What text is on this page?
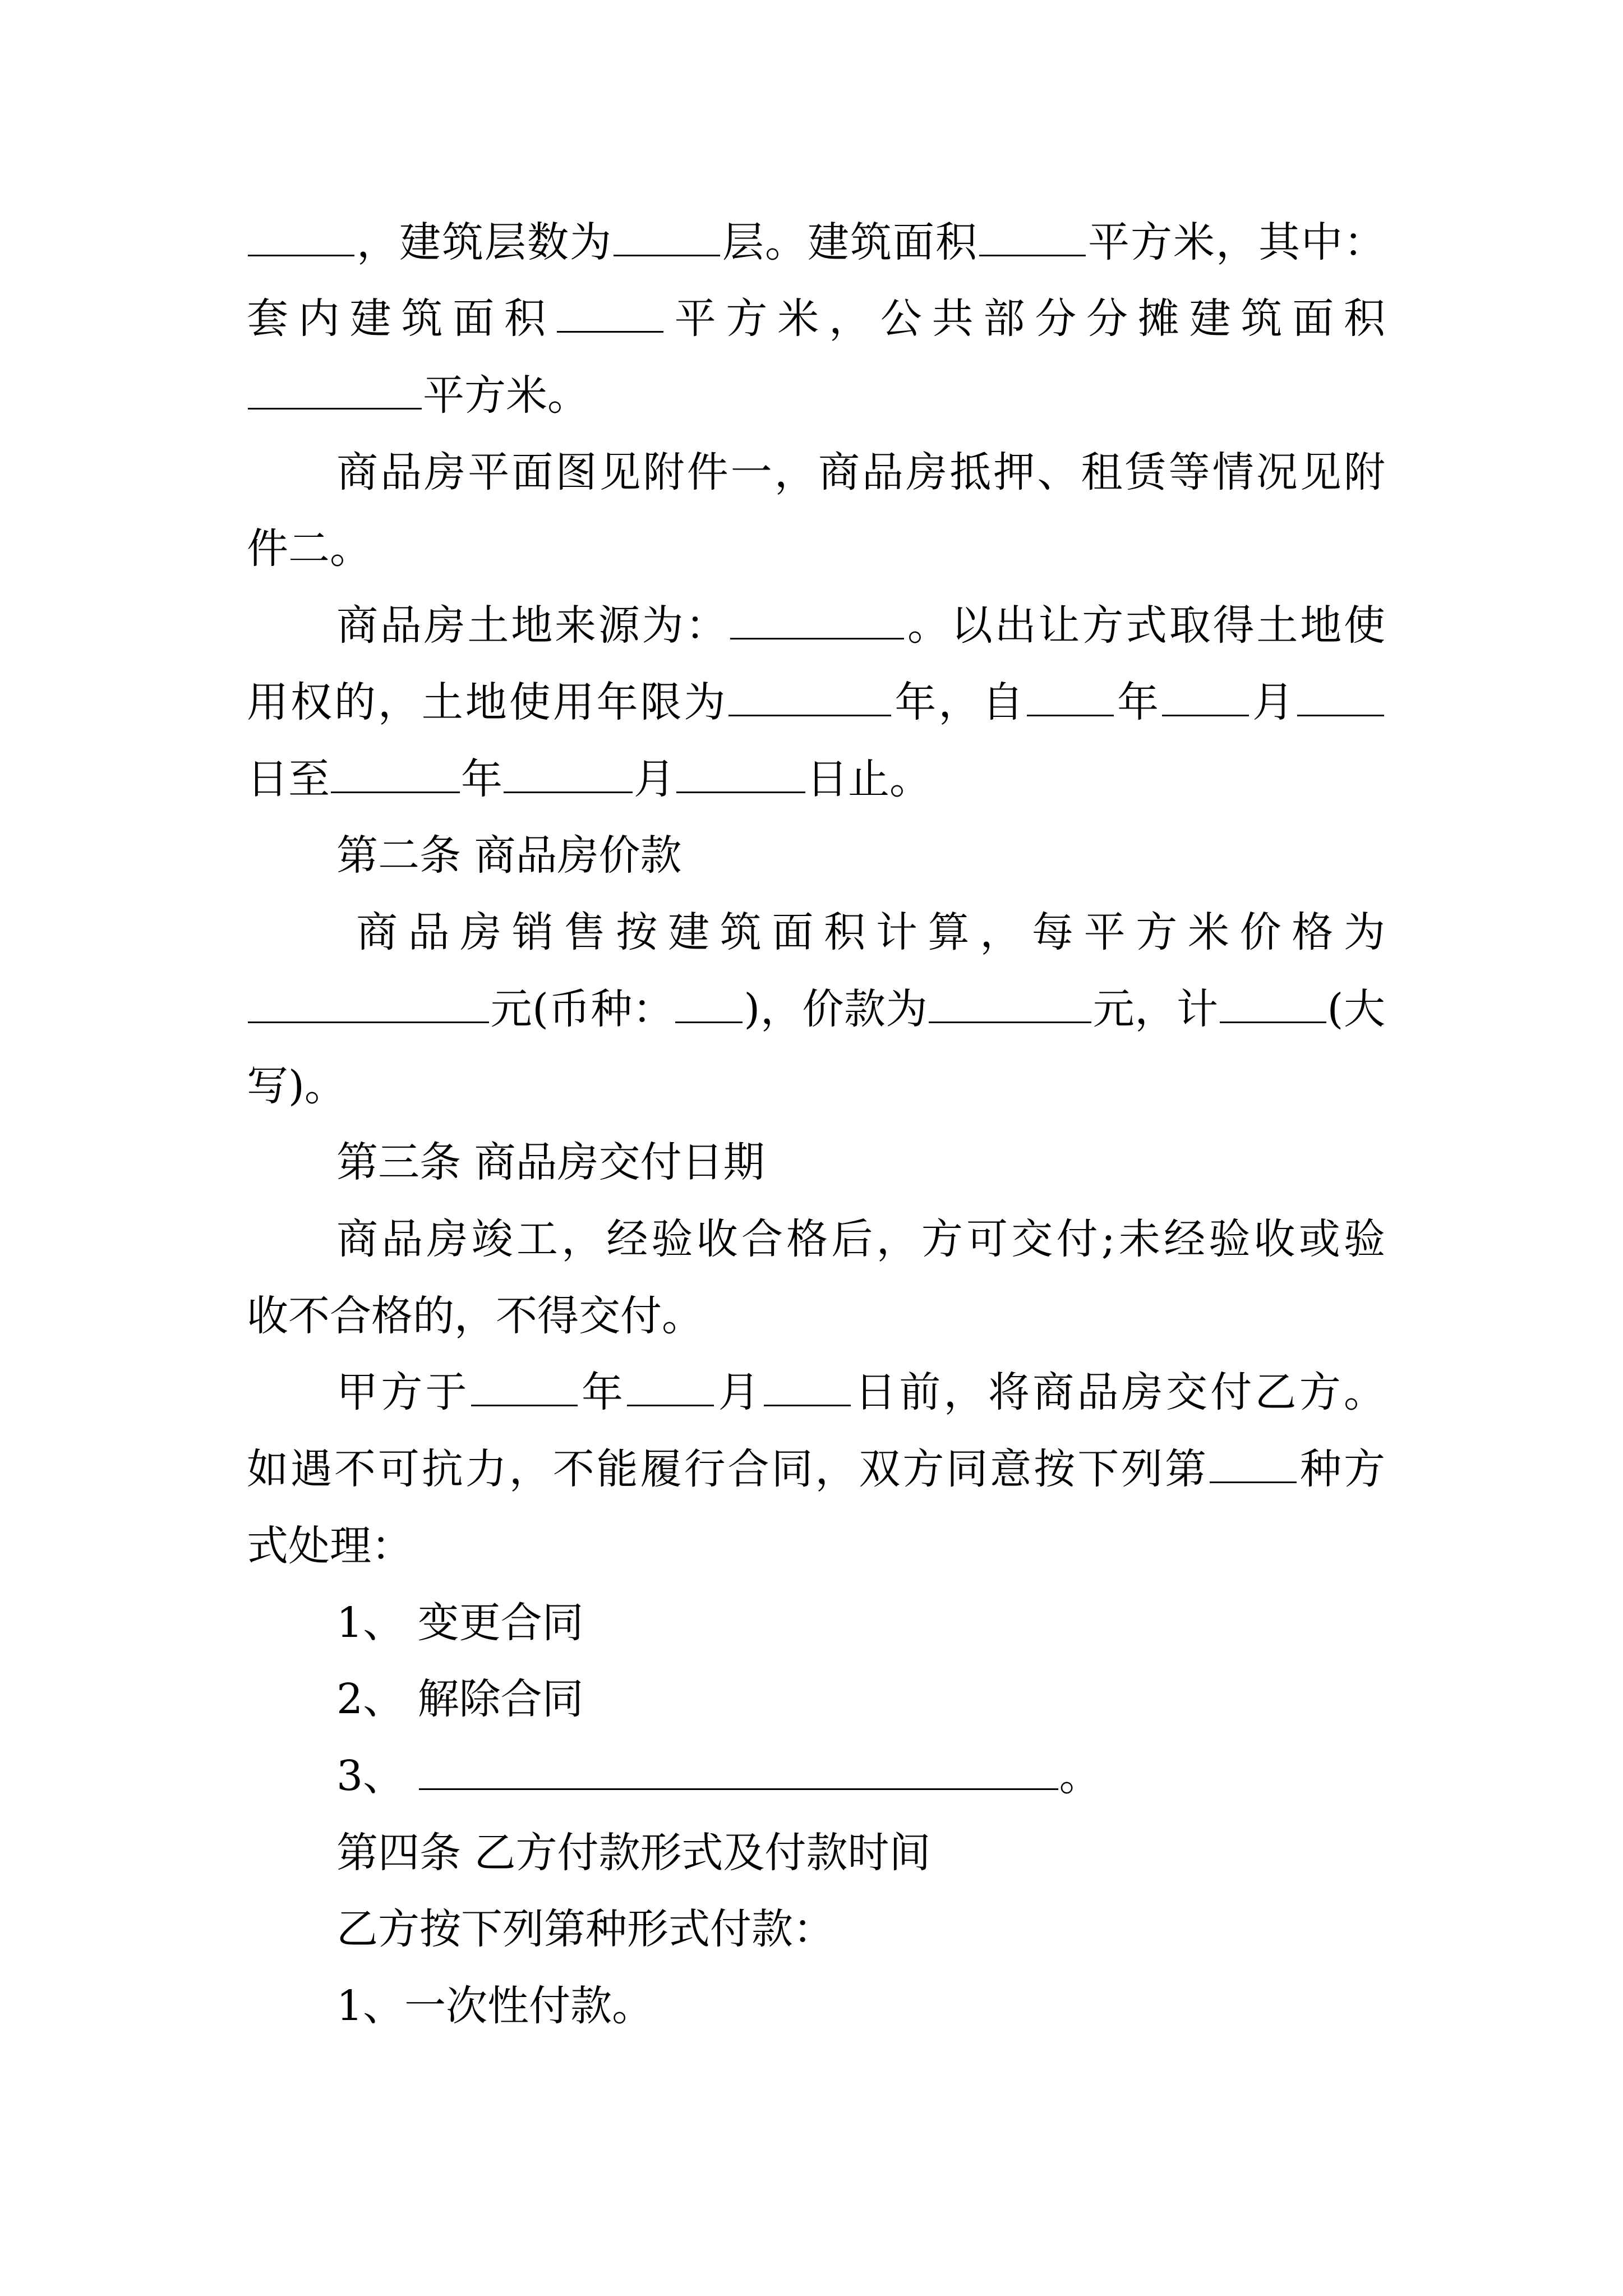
，建筑层数为	层。建筑面积	平方米，其中：
套内建筑面积	平方米，公共部分分摊建筑面积
平方米。
商品房平面图见附件一，商品房抵押、租赁等情况见附
件二。
商品房土地来源为：	。以出让方式取得土地使
用权的，土地使用年限为	年，自 年 月
日至	年	月	日止。
第二条 商品房价款
商品房销售按建筑面积计算，每平方米价格为
元(币种： )，价款为	元，计	(大
写)。
第三条 商品房交付日期
商品房竣工，经验收合格后，方可交付;未经验收或验
收不合格的，不得交付。
甲方于	年 月 日前，将商品房交付乙方。
如遇不可抗力，不能履行合同，双方同意按下列第 种方
式处理：
1、 变更合同
2、 解除合同
3、	。
第四条 乙方付款形式及付款时间
乙方按下列第种形式付款：
1、一次性付款。
